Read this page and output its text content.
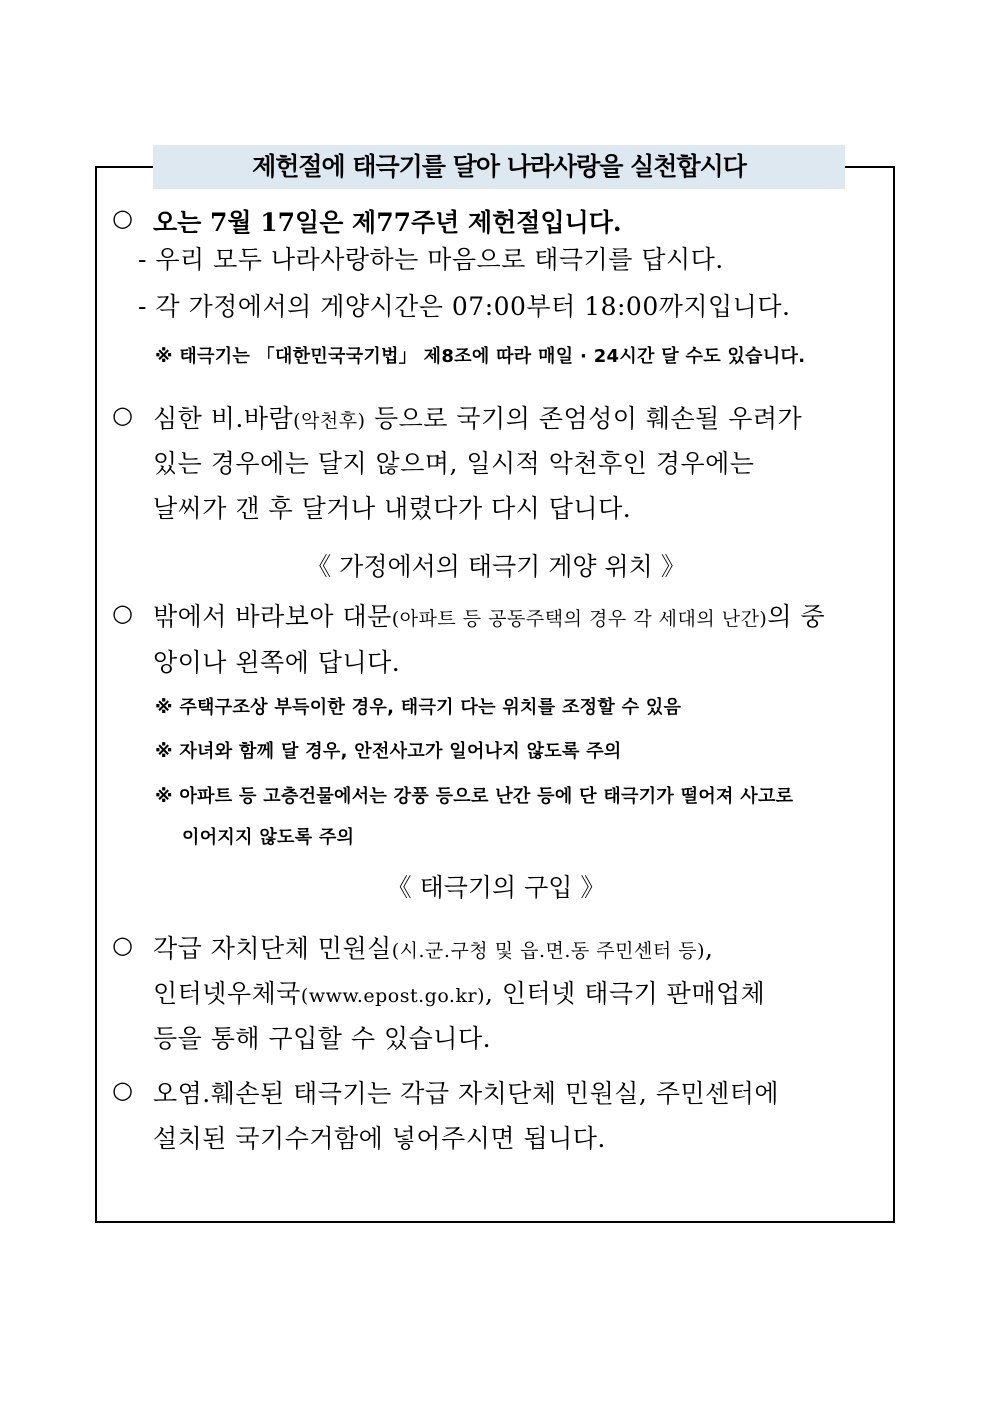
제헌절에 태극기를 달아 나라사랑을 실천합시다
○ 오는 7월 17일은 제77주년 제헌절입니다.
- 우리 모두 나라사랑하는 마음으로 태극기를 답시다.
- 각 가정에서의 게양시간은 07:00부터 18:00까지입니다.
※ 태극기는 「대한민국국기법」 제8조에 따라 매일 · 24시간 달 수도 있습니다.
○ 심한 비.바람(악천후) 등으로 국기의 존엄성이 훼손될 우려가
있는 경우에는 달지 않으며, 일시적 악천후인 경우에는
날씨가 갠 후 달거나 내렸다가 다시 답니다.
《 가정에서의 태극기 게양 위치 》
○ 밖에서 바라보아 대문(아파트 등 공동주택의 경우 각 세대의 난간)의 중
앙이나 왼쪽에 답니다.
※ 주택구조상 부득이한 경우, 태극기 다는 위치를 조정할 수 있음
※ 자녀와 함께 달 경우, 안전사고가 일어나지 않도록 주의
※ 아파트 등 고층건물에서는 강풍 등으로 난간 등에 단 태극기가 떨어져 사고로
이어지지 않도록 주의
《 태극기의 구입 》
○ 각급 자치단체 민원실(시.군.구청 및 읍.면.동 주민센터 등),
인터넷우체국(www.epost.go.kr), 인터넷 태극기 판매업체
등을 통해 구입할 수 있습니다.
○ 오염.훼손된 태극기는 각급 자치단체 민원실, 주민센터에
설치된 국기수거함에 넣어주시면 됩니다.
